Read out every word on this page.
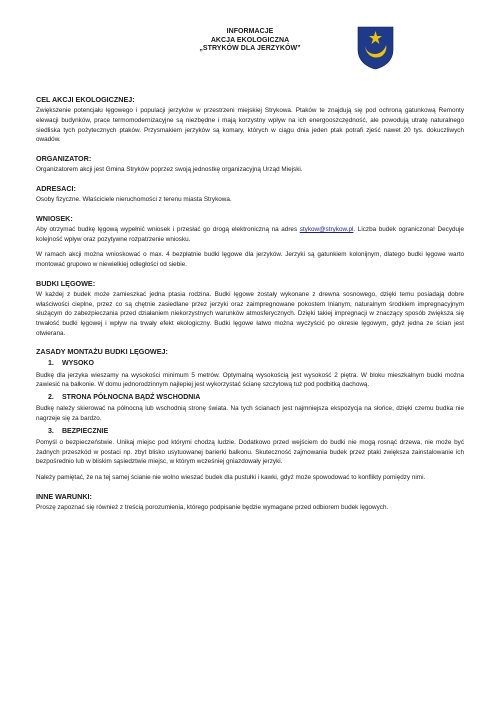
INFORMACJE
AKCJA EKOLOGICZNA
„STRYKÓW DLA JERZYKÓW”
CEL AKCJI EKOLOGICZNEJ:
Zwiększenie potencjału lęgowego i populacji jerzyków w przestrzeni miejskiej Strykowa. Ptaków te znajdują się pod ochroną gatunkową Remonty elewacji budynków, prace termomodernizacyjne są niezbędne i mają korzystny wpływ na ich energooszczędność, ale powodują utratę naturalnego siedliska tych pożytecznych ptaków. Przysmakiem jerzyków są komary, których w ciągu dnia jeden ptak potrafi zjeść nawet 20 tys. dokuczliwych owadów.
ORGANIZATOR:
Organizatorem akcji jest Gmina Stryków poprzez swoją jednostkę organizacyjną Urząd Miejski.
ADRESACI:
Osoby fizyczne. Właściciele nieruchomości z terenu miasta Strykowa.
WNIOSEK:
Aby otrzymać budkę lęgową wypełnić wniosek i przesłać go drogą elektroniczną na adres stykow@strykow.pl. Liczba budek ograniczona! Decyduje kolejność wpływ oraz pozytywne rozpatrzenie wniosku.
W ramach akcji można wnioskować o max. 4 bezpłatnie budki lęgowe dla jerzyków. Jerzyki są gatunkiem kolonijnym, dlatego budki lęgowe warto montować grupowo w niewielkiej odległości od siebie.
BUDKI LĘGOWE:
W każdej z budek może zamieszkać jedna ptasia rodzina. Budki lęgowe zostały wykonane z drewna sosnowego, dzięki temu posiadają dobre właściwości cieplne, przez co są chętnie zasiedlane przez jerzyki oraz zaimpregnowane pokostem lnianym, naturalnym środkiem impregnacyjnym służącym do zabezpieczania przed działaniem niekorzystnych warunków atmosferycznych. Dzięki takiej impregnacji w znaczący sposób zwiększa się trwałość budki lęgowej i wpływ na trwały efekt ekologiczny. Budki lęgowe łatwo można wyczyścić po okresie lęgowym, gdyż jedna ze ścian jest otwierana.
ZASADY MONTAŻU BUDKI LĘGOWEJ:
1. WYSOKO
Budkę dla jerzyka wieszamy na wysokości minimum 5 metrów. Optymalną wysokością jest wysokość 2 piętra. W bloku mieszkalnym budki można zawiesić na balkonie. W domu jednorodzinnym najlepiej jest wykorzystać ścianę szczytową tuż pod podbitką dachową.
2. STRONA PÓŁNOCNA BĄDŹ WSCHODNIA
Budkę należy skierować na północną lub wschodnią stronę świata. Na tych ścianach jest najmniejsza ekspozycja na słońce, dzięki czemu budka nie nagrzeje się za bardzo.
3. BEZPIECZNIE
Pomyśl o bezpieczeństwie. Unikaj miejsc pod którymi chodzą ludzie. Dodatkowo przed wejściem do budki nie mogą rosnąć drzewa, nie może być żadnych przeszkód w postaci np. zbyt blisko usytuowanej barierki balkonu. Skuteczność zajmowania budek przez ptaki zwiększa zainstalowanie ich bezpośrednio lub w bliskim sąsiedztwie miejsc, w którym wcześniej gniazdowały jerzyki.
Należy pamiętać, że na tej samej ścianie nie wolno wieszać budek dla pustułki i kawki, gdyż może spowodować to konflikty pomiędzy nimi.
INNE WARUNKI:
Proszę zapoznać się również z treścią porozumienia, którego podpisanie będzie wymagane przed odbiorem budek lęgowych.
